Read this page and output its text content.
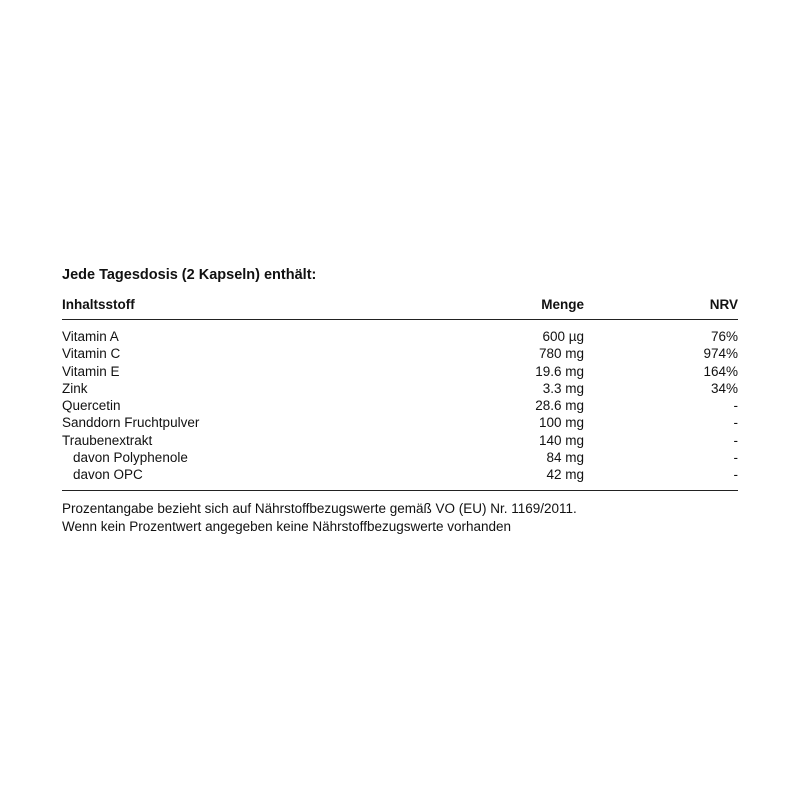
Jede Tagesdosis (2 Kapseln) enthält:
Inhaltsstoff	Menge	NRV
Vitamin A	600 µg	76%
Vitamin C	780 mg	974%
Vitamin E	19.6 mg	164%
Zink	3.3 mg	34%
Quercetin	28.6 mg	-
Sanddorn Fruchtpulver	100 mg	-
Traubenextrakt	140 mg	-
davon Polyphenole	84 mg	-
davon OPC	42 mg	-

Prozentangabe bezieht sich auf Nährstoffbezugswerte gemäß VO (EU) Nr. 1169/2011.

Wenn kein Prozentwert angegeben keine Nährstoffbezugswerte vorhanden
